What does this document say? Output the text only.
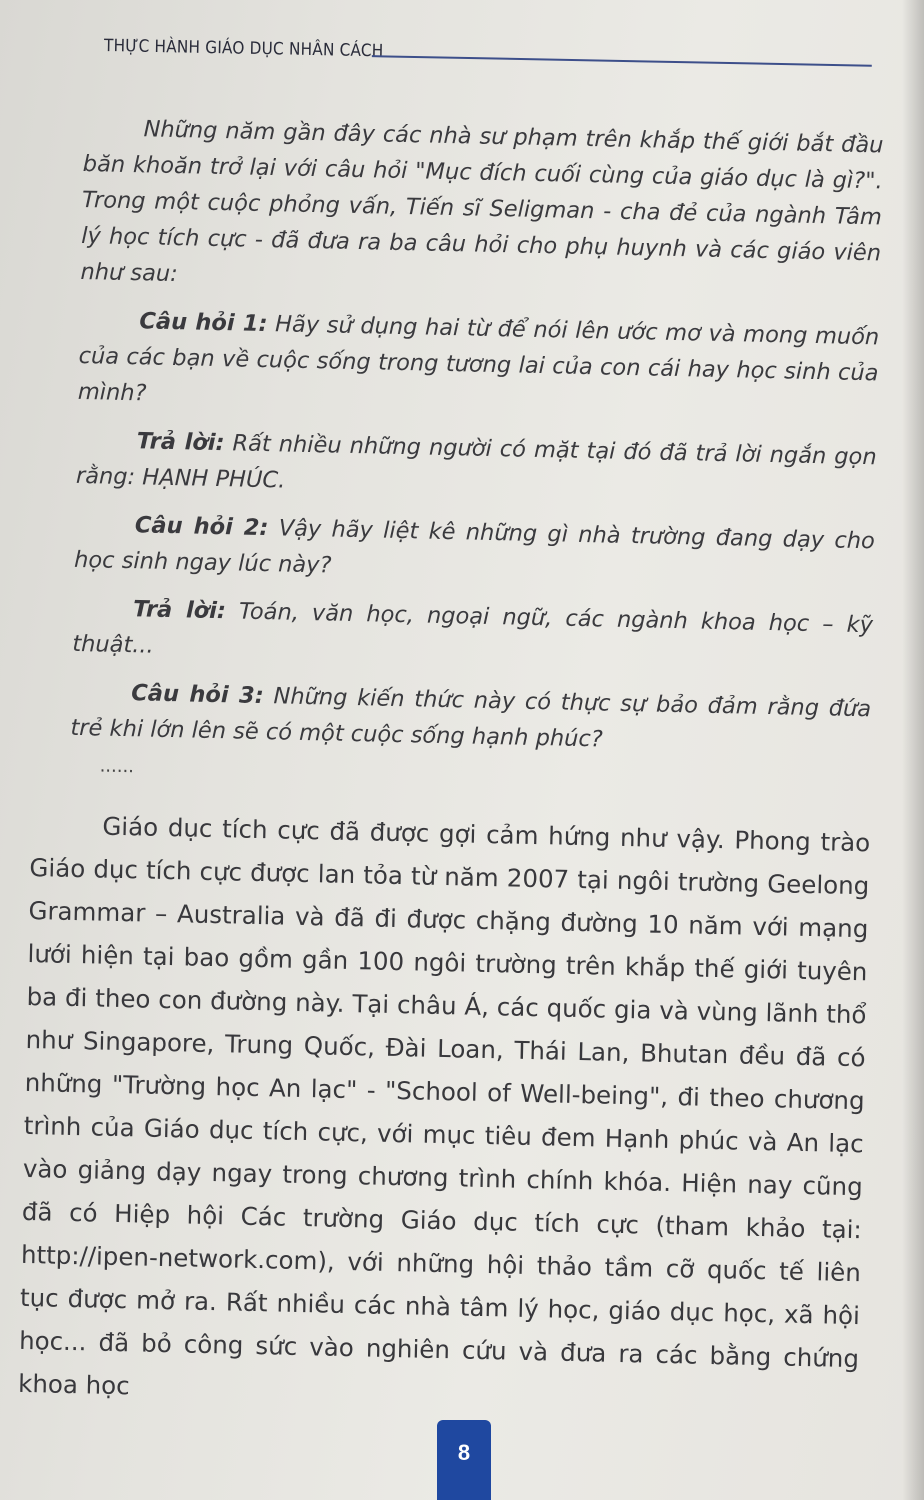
THỰC HÀNH GIÁO DỤC NHÂN CÁCH

Những năm gần đây các nhà sư phạm trên khắp thế giới bắt đầu băn khoăn trở lại với câu hỏi "Mục đích cuối cùng của giáo dục là gì?". Trong một cuộc phỏng vấn, Tiến sĩ Seligman - cha đẻ của ngành Tâm lý học tích cực - đã đưa ra ba câu hỏi cho phụ huynh và các giáo viên như sau:

Câu hỏi 1: Hãy sử dụng hai từ để nói lên ước mơ và mong muốn của các bạn về cuộc sống trong tương lai của con cái hay học sinh của mình?

Trả lời: Rất nhiều những người có mặt tại đó đã trả lời ngắn gọn rằng: HẠNH PHÚC.

Câu hỏi 2: Vậy hãy liệt kê những gì nhà trường đang dạy cho học sinh ngay lúc này?

Trả lời: Toán, văn học, ngoại ngữ, các ngành khoa học – kỹ thuật...

Câu hỏi 3: Những kiến thức này có thực sự bảo đảm rằng đứa trẻ khi lớn lên sẽ có một cuộc sống hạnh phúc?

......

Giáo dục tích cực đã được gợi cảm hứng như vậy. Phong trào Giáo dục tích cực được lan tỏa từ năm 2007 tại ngôi trường Geelong Grammar – Australia và đã đi được chặng đường 10 năm với mạng lưới hiện tại bao gồm gần 100 ngôi trường trên khắp thế giới tuyên ba đi theo con đường này. Tại châu Á, các quốc gia và vùng lãnh thổ như Singapore, Trung Quốc, Đài Loan, Thái Lan, Bhutan đều đã có những "Trường học An lạc" - "School of Well-being", đi theo chương trình của Giáo dục tích cực, với mục tiêu đem Hạnh phúc và An lạc vào giảng dạy ngay trong chương trình chính khóa. Hiện nay cũng đã có Hiệp hội Các trường Giáo dục tích cực (tham khảo tại: http://ipen-network.com), với những hội thảo tầm cỡ quốc tế liên tục được mở ra. Rất nhiều các nhà tâm lý học, giáo dục học, xã hội học... đã bỏ công sức vào nghiên cứu và đưa ra các bằng chứng khoa học

8
